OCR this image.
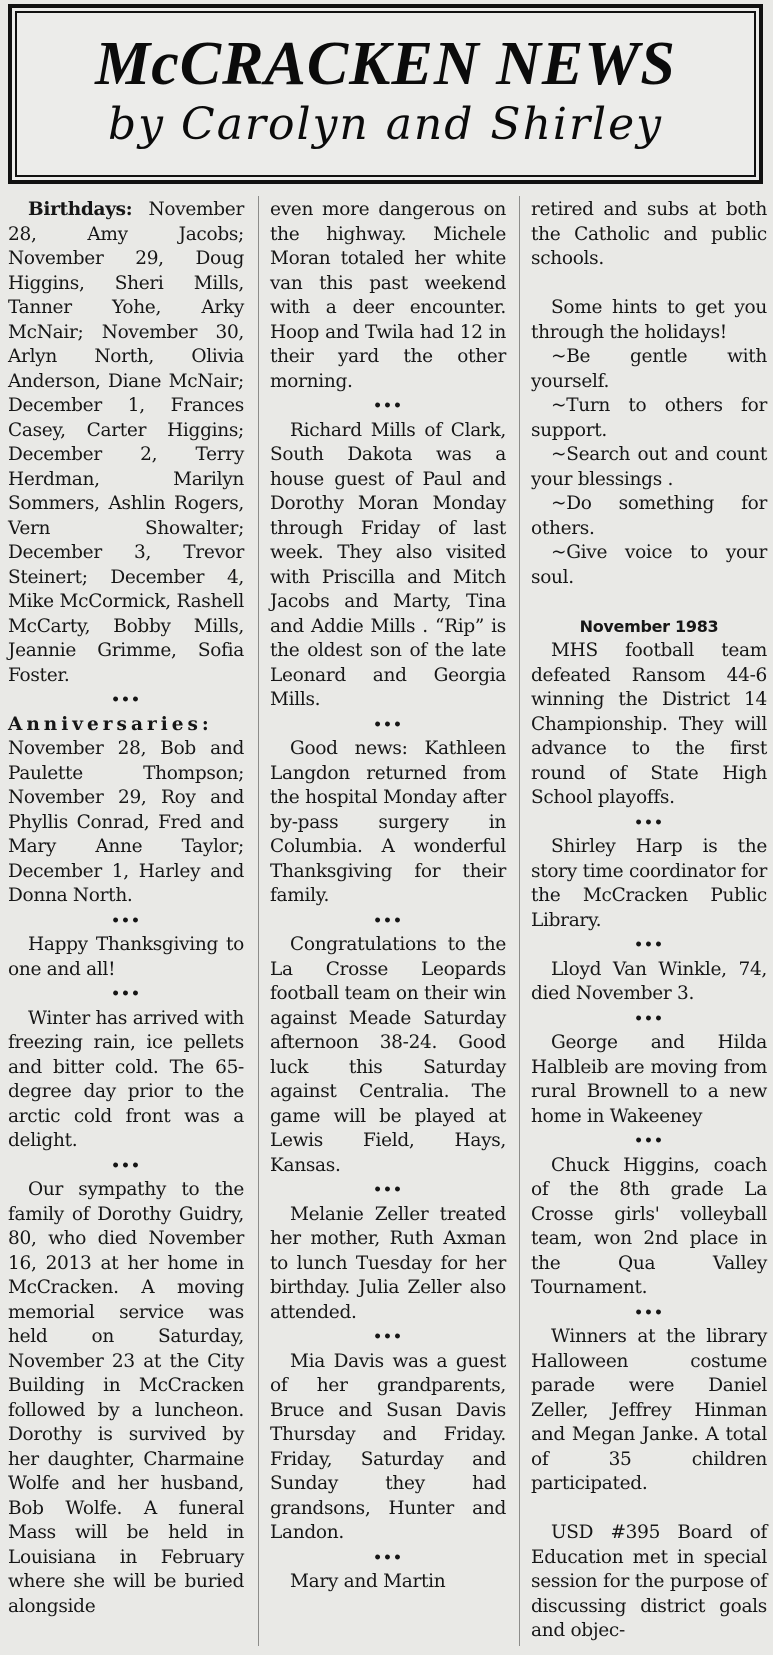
McCRACKEN NEWS
by Carolyn and Shirley

Birthdays: November 28, Amy Jacobs; November 29, Doug Higgins, Sheri Mills, Tanner Yohe, Arky McNair; November 30, Arlyn North, Olivia Anderson, Diane McNair; December 1, Frances Casey, Carter Higgins; December 2, Terry Herdman, Marilyn Sommers, Ashlin Rogers, Vern Showalter; December 3, Trevor Steinert; December 4, Mike McCormick, Rashell McCarty, Bobby Mills, Jeannie Grimme, Sofia Foster.

•••

Anniversaries: November 28, Bob and Paulette Thompson; November 29, Roy and Phyllis Conrad, Fred and Mary Anne Taylor; December 1, Harley and Donna North.

•••

Happy Thanksgiving to one and all!

•••

Winter has arrived with freezing rain, ice pellets and bitter cold. The 65-degree day prior to the arctic cold front was a delight.

•••

Our sympathy to the family of Dorothy Guidry, 80, who died November 16, 2013 at her home in McCracken. A moving memorial service was held on Saturday, November 23 at the City Building in McCracken followed by a luncheon. Dorothy is survived by her daughter, Charmaine Wolfe and her husband, Bob Wolfe. A funeral Mass will be held in Louisiana in February where she will be buried alongside

even more dangerous on the highway. Michele Moran totaled her white van this past weekend with a deer encounter. Hoop and Twila had 12 in their yard the other morning.

•••

Richard Mills of Clark, South Dakota was a house guest of Paul and Dorothy Moran Monday through Friday of last week. They also visited with Priscilla and Mitch Jacobs and Marty, Tina and Addie Mills . “Rip” is the oldest son of the late Leonard and Georgia Mills.

•••

Good news: Kathleen Langdon returned from the hospital Monday after by-pass surgery in Columbia. A wonderful Thanksgiving for their family.

•••

Congratulations to the La Crosse Leopards football team on their win against Meade Saturday afternoon 38-24. Good luck this Saturday against Centralia. The game will be played at Lewis Field, Hays, Kansas.

•••

Melanie Zeller treated her mother, Ruth Axman to lunch Tuesday for her birthday. Julia Zeller also attended.

•••

Mia Davis was a guest of her grandparents, Bruce and Susan Davis Thursday and Friday. Friday, Saturday and Sunday they had grandsons, Hunter and Landon.

•••

Mary and Martin

retired and subs at both the Catholic and public schools.

Some hints to get you through the holidays!

~Be gentle with yourself.

~Turn to others for support.

~Search out and count your blessings .

~Do something for others.

~Give voice to your soul.

November 1983

MHS football team defeated Ransom 44-6 winning the District 14 Championship. They will advance to the first round of State High School playoffs.

•••

Shirley Harp is the story time coordinator for the McCracken Public Library.

•••

Lloyd Van Winkle, 74, died November 3.

•••

George and Hilda Halbleib are moving from rural Brownell to a new home in Wakeeney

•••

Chuck Higgins, coach of the 8th grade La Crosse girls' volleyball team, won 2nd place in the Qua Valley Tournament.

•••

Winners at the library Halloween costume parade were Daniel Zeller, Jeffrey Hinman and Megan Janke. A total of 35 children participated.

USD #395 Board of Education met in special session for the purpose of discussing district goals and objec-
